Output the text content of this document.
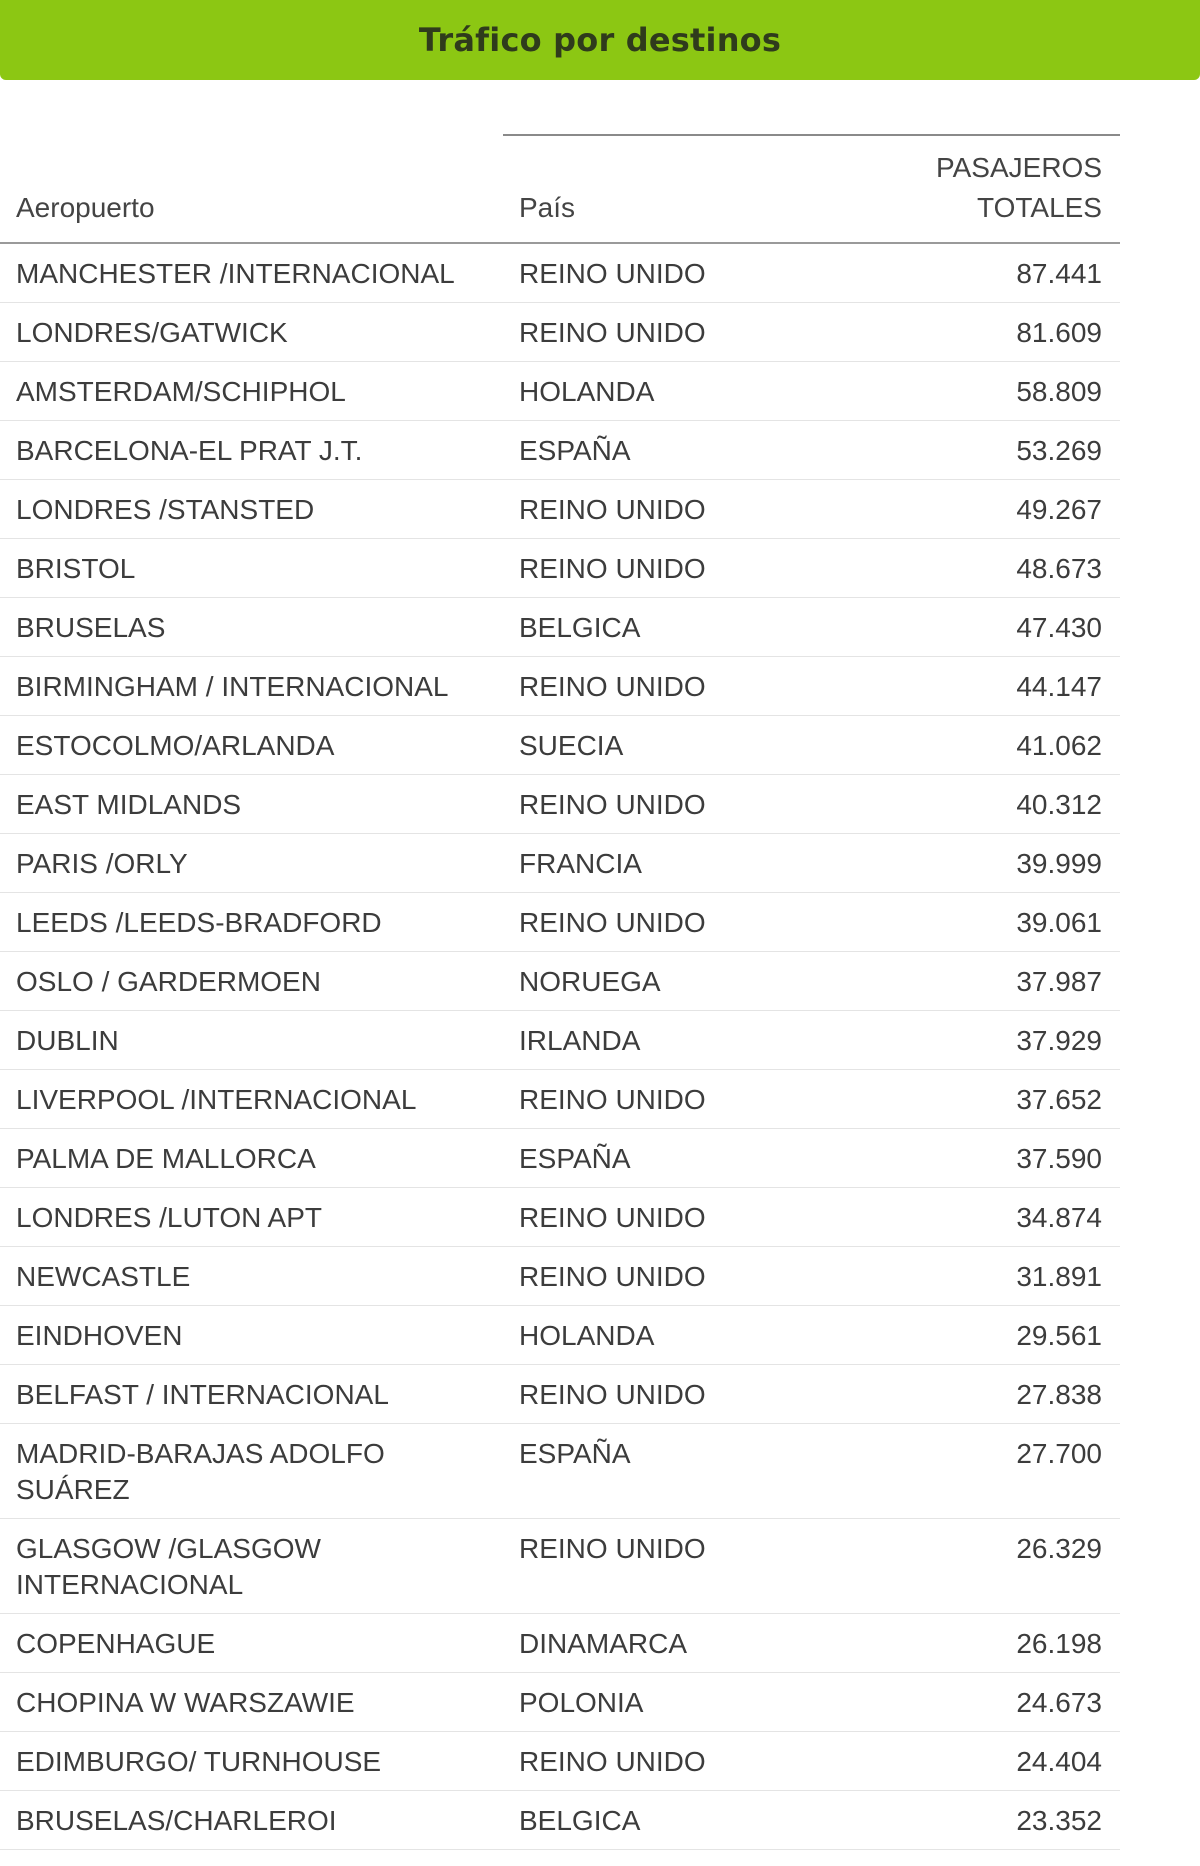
Tráfico por destinos
Aeropuerto	País	PASAJEROS
TOTALES

MANCHESTER /INTERNACIONAL	REINO UNIDO	87.441
LONDRES/GATWICK	REINO UNIDO	81.609
AMSTERDAM/SCHIPHOL	HOLANDA	58.809
BARCELONA-EL PRAT J.T.	ESPAÑA	53.269
LONDRES /STANSTED	REINO UNIDO	49.267
BRISTOL	REINO UNIDO	48.673
BRUSELAS	BELGICA	47.430
BIRMINGHAM / INTERNACIONAL	REINO UNIDO	44.147
ESTOCOLMO/ARLANDA	SUECIA	41.062
EAST MIDLANDS	REINO UNIDO	40.312
PARIS /ORLY	FRANCIA	39.999
LEEDS /LEEDS-BRADFORD	REINO UNIDO	39.061
OSLO / GARDERMOEN	NORUEGA	37.987
DUBLIN	IRLANDA	37.929
LIVERPOOL /INTERNACIONAL	REINO UNIDO	37.652
PALMA DE MALLORCA	ESPAÑA	37.590
LONDRES /LUTON APT	REINO UNIDO	34.874
NEWCASTLE	REINO UNIDO	31.891
EINDHOVEN	HOLANDA	29.561
BELFAST / INTERNACIONAL	REINO UNIDO	27.838
MADRID-BARAJAS ADOLFO SUÁREZ	ESPAÑA	27.700
GLASGOW /GLASGOW INTERNACIONAL	REINO UNIDO	26.329
COPENHAGUE	DINAMARCA	26.198
CHOPINA W WARSZAWIE	POLONIA	24.673
EDIMBURGO/ TURNHOUSE	REINO UNIDO	24.404
BRUSELAS/CHARLEROI	BELGICA	23.352
